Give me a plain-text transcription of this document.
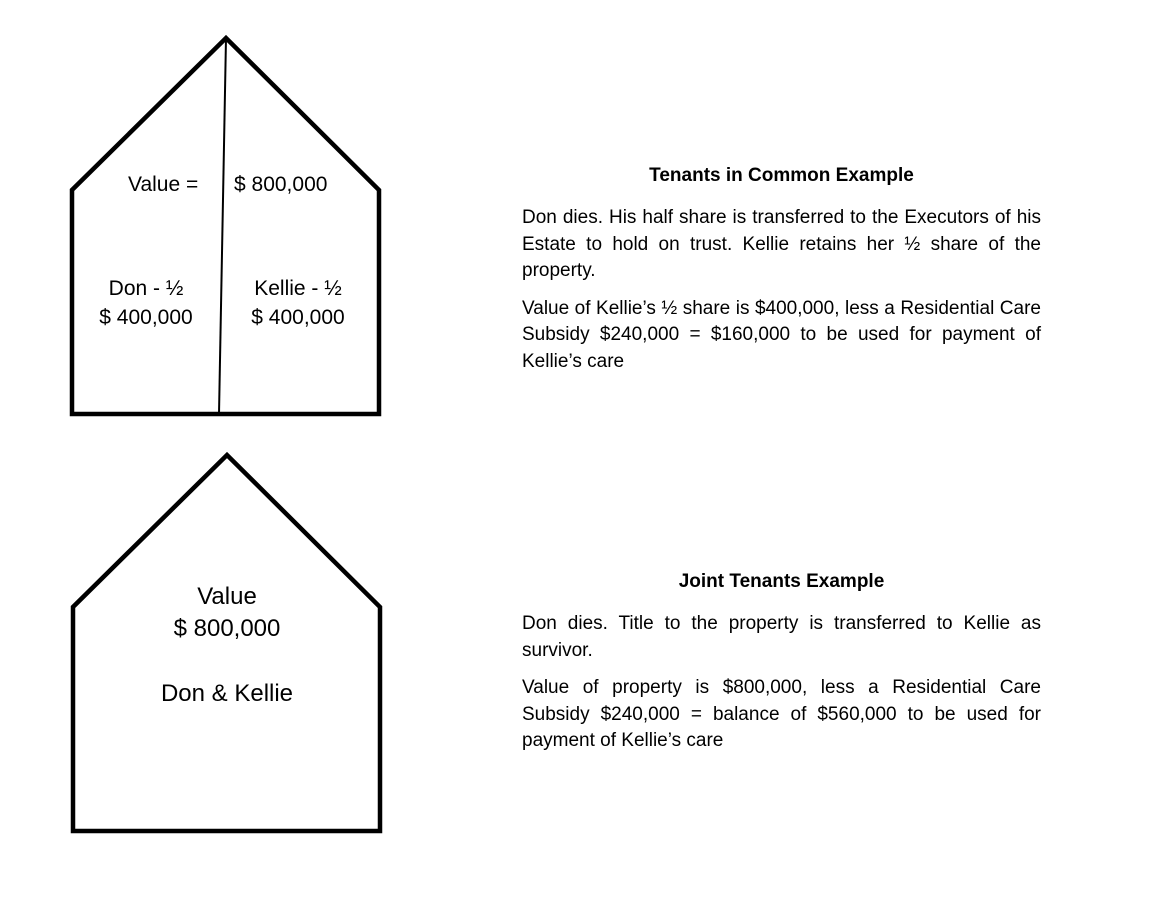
Value = $ 800,000
Don - ½
$ 400,000
Kellie - ½
$ 400,000
Value
$ 800,000
Don & Kellie
Tenants in Common Example

Don dies. His half share is transferred to the Executors of his Estate to hold on trust. Kellie retains her ½ share of the property.

Value of Kellie’s ½ share is $400,000, less a Residential Care Subsidy $240,000 = $160,000 to be used for payment of Kellie’s care

Joint Tenants Example

Don dies. Title to the property is transferred to Kellie as survivor.

Value of property is $800,000, less a Residential Care Subsidy $240,000 = balance of $560,000 to be used for payment of Kellie’s care
